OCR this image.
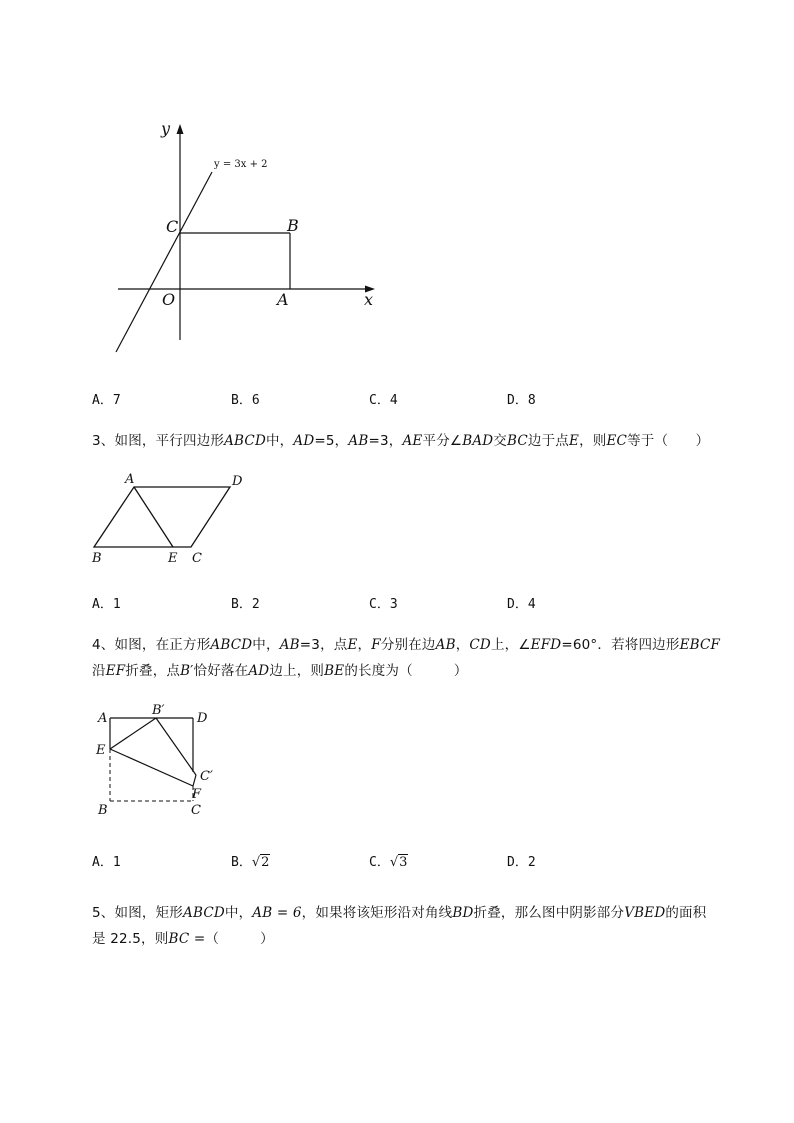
y
x
O	A
B
C
y = 3x + 2
A．7	B．6	C．4	D．8
3、如图，平行四边形ABCD中，AD=5，AB=3，AE平分∠BAD交BC边于点E，则EC等于（　　）
A	D
B	E C
A．1	B．2	C．3	D．4
4、如图，在正方形ABCD中，AB=3，点E，F分别在边AB，CD上，∠EFD=60°．若将四边形EBCF
沿EF折叠，点B′恰好落在AD边上，则BE的长度为（　　　）
A
B′
D
E
C′
F
B	C
A．1	B．√2	C．√3	D．2
5、如图，矩形ABCD中，AB = 6，如果将该矩形沿对角线BD折叠，那么图中阴影部分VBED的面积
是 22.5，则BC =（　　　）
